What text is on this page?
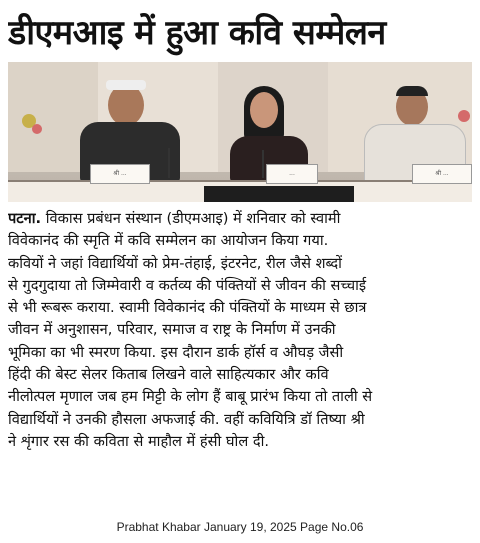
डीएमआइ में हुआ कवि सम्मेलन
श्री ...	...	श्री ...
पटना. विकास प्रबंधन संस्थान (डीएमआइ) में शनिवार को स्वामी
विवेकानंद की स्मृति में कवि सम्मेलन का आयोजन किया गया.
कवियों ने जहां विद्यार्थियों को प्रेम-तंहाई, इंटरनेट, रील जैसे शब्दों
से गुदगुदाया तो जिम्मेवारी व कर्तव्य की पंक्तियों से जीवन की सच्चाई
से भी रूबरू कराया. स्वामी विवेकानंद की पंक्तियों के माध्यम से छात्र
जीवन में अनुशासन, परिवार, समाज व राष्ट्र के निर्माण में उनकी
भूमिका का भी स्मरण किया. इस दौरान डार्क हॉर्स व औघड़ जैसी
हिंदी की बेस्ट सेलर किताब लिखने वाले साहित्यकार और कवि
नीलोत्पल मृणाल जब हम मिट्टी के लोग हैं बाबू प्रारंभ किया तो ताली से
विद्यार्थियों ने उनकी हौसला अफजाई की. वहीं कवियित्रि डॉ तिष्या श्री
ने शृंगार रस की कविता से माहौल में हंसी घोल दी.
Prabhat Khabar January 19, 2025 Page No.06
